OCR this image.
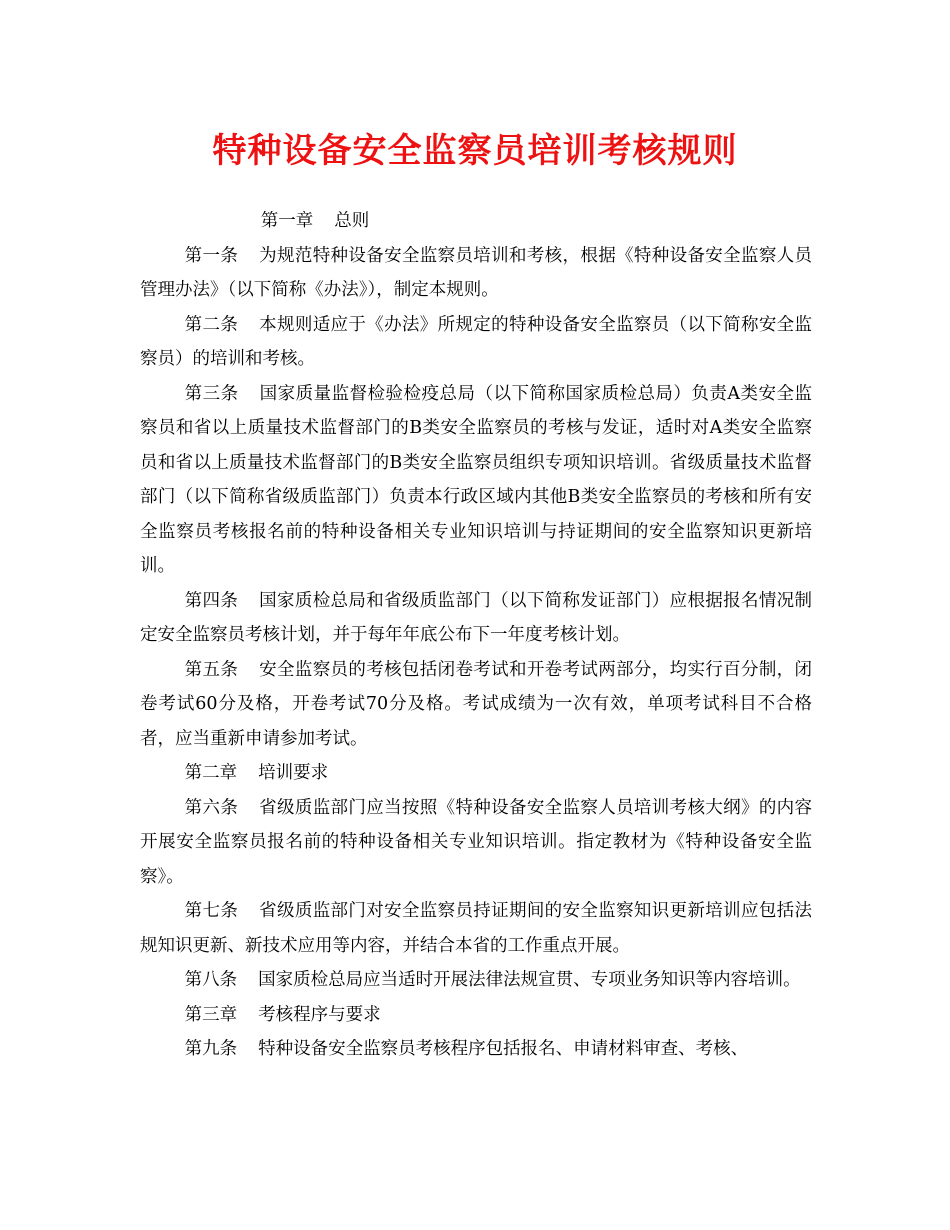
特种设备安全监察员培训考核规则

第一章 总则

第一条 为规范特种设备安全监察员培训和考核，根据《特种设备安全监察人员管理办法》（以下简称《办法》），制定本规则。

第二条 本规则适应于《办法》所规定的特种设备安全监察员（以下简称安全监察员）的培训和考核。

第三条 国家质量监督检验检疫总局（以下简称国家质检总局）负责A类安全监察员和省以上质量技术监督部门的B类安全监察员的考核与发证，适时对A类安全监察员和省以上质量技术监督部门的B类安全监察员组织专项知识培训。省级质量技术监督部门（以下简称省级质监部门）负责本行政区域内其他B类安全监察员的考核和所有安全监察员考核报名前的特种设备相关专业知识培训与持证期间的安全监察知识更新培训。

第四条 国家质检总局和省级质监部门（以下简称发证部门）应根据报名情况制定安全监察员考核计划，并于每年年底公布下一年度考核计划。

第五条 安全监察员的考核包括闭卷考试和开卷考试两部分，均实行百分制，闭卷考试60分及格，开卷考试70分及格。考试成绩为一次有效，单项考试科目不合格者，应当重新申请参加考试。

第二章 培训要求

第六条 省级质监部门应当按照《特种设备安全监察人员培训考核大纲》的内容开展安全监察员报名前的特种设备相关专业知识培训。指定教材为《特种设备安全监察》。

第七条 省级质监部门对安全监察员持证期间的安全监察知识更新培训应包括法规知识更新、新技术应用等内容，并结合本省的工作重点开展。

第八条 国家质检总局应当适时开展法律法规宣贯、专项业务知识等内容培训。

第三章 考核程序与要求

第九条 特种设备安全监察员考核程序包括报名、申请材料审查、考核、
